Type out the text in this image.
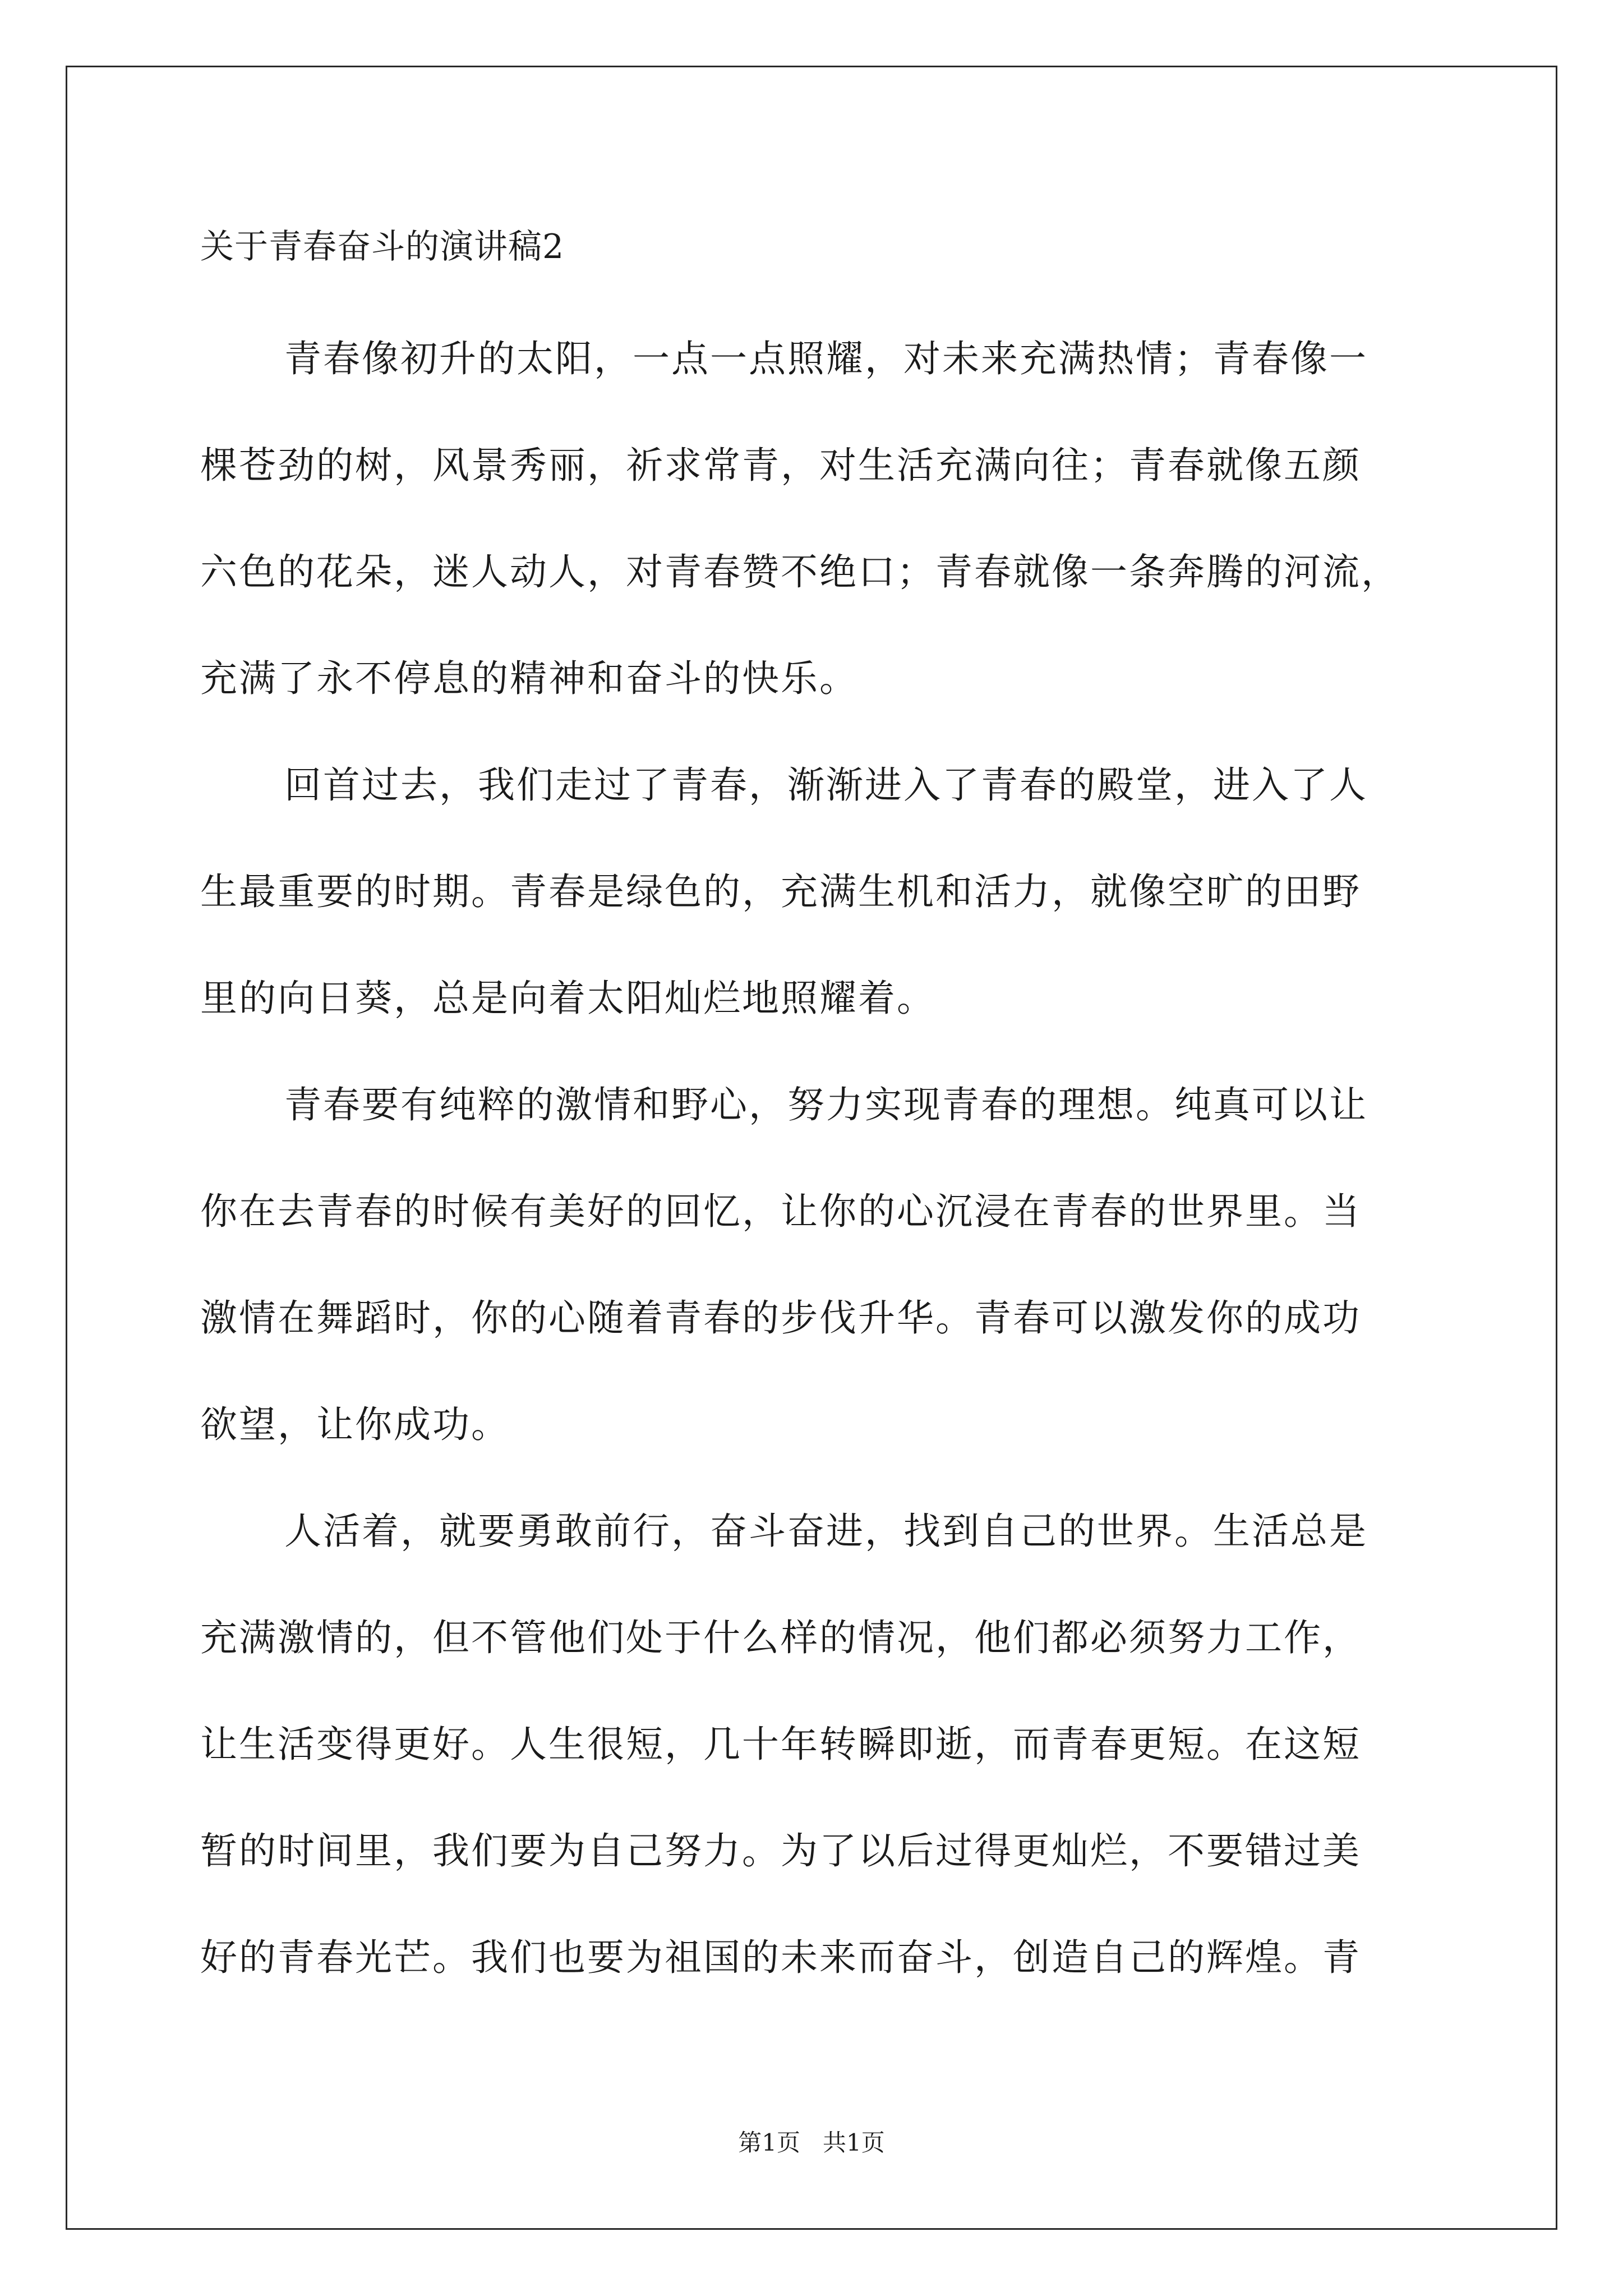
关于青春奋斗的演讲稿2
青春像初升的太阳，一点一点照耀，对未来充满热情；青春像一
棵苍劲的树，风景秀丽，祈求常青，对生活充满向往；青春就像五颜
六色的花朵，迷人动人，对青春赞不绝口；青春就像一条奔腾的河流，
充满了永不停息的精神和奋斗的快乐。
回首过去，我们走过了青春，渐渐进入了青春的殿堂，进入了人
生最重要的时期。青春是绿色的，充满生机和活力，就像空旷的田野
里的向日葵，总是向着太阳灿烂地照耀着。
青春要有纯粹的激情和野心，努力实现青春的理想。纯真可以让
你在去青春的时候有美好的回忆，让你的心沉浸在青春的世界里。当
激情在舞蹈时，你的心随着青春的步伐升华。青春可以激发你的成功
欲望，让你成功。
人活着，就要勇敢前行，奋斗奋进，找到自己的世界。生活总是
充满激情的，但不管他们处于什么样的情况，他们都必须努力工作，
让生活变得更好。人生很短，几十年转瞬即逝，而青春更短。在这短
暂的时间里，我们要为自己努力。为了以后过得更灿烂，不要错过美
好的青春光芒。我们也要为祖国的未来而奋斗，创造自己的辉煌。青
第1页   共1页
